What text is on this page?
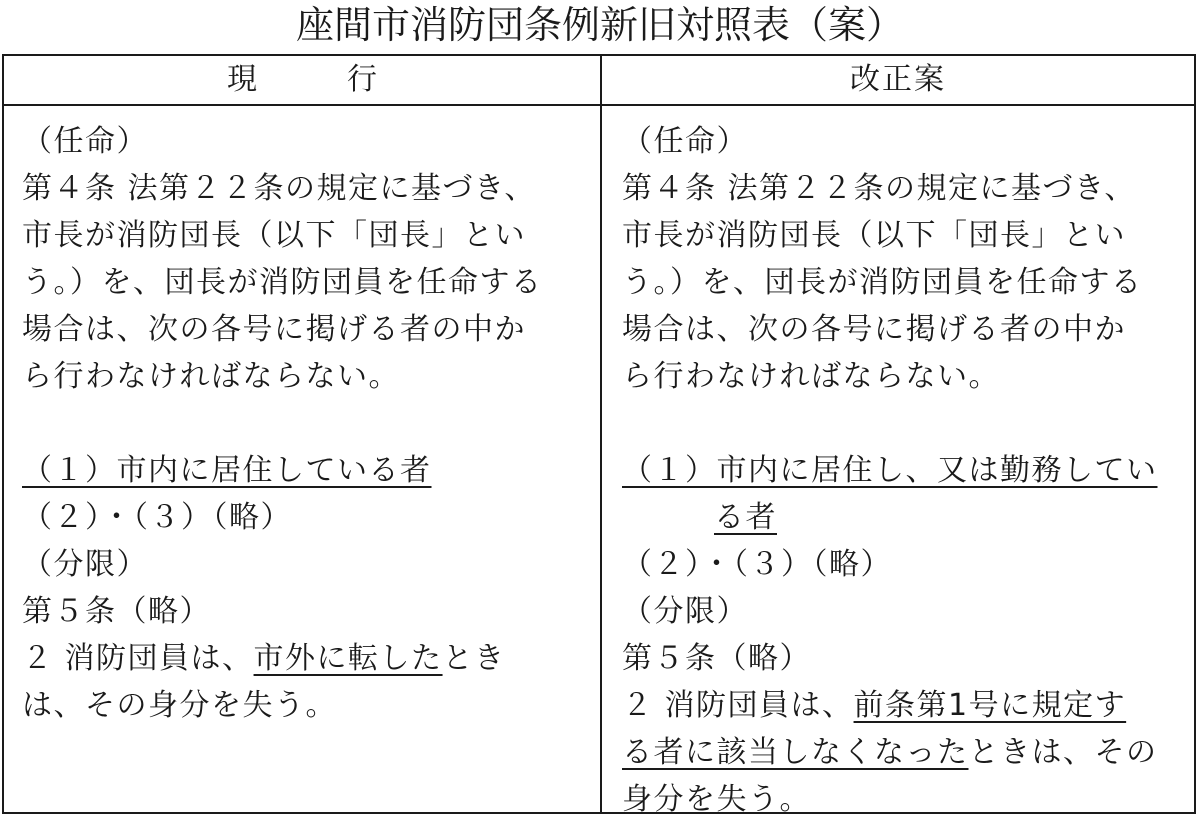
座間市消防団条例新旧対照表（案）
現　行	改正案
（任命）
第４条 法第２２条の規定に基づき、
市長が消防団長（以下「団長」とい
う。）を、団長が消防団員を任命する
場合は、次の各号に掲げる者の中か
ら行わなければならない。
（１）市内に居住している者
（２）・（３）（略）
（分限）
第５条（略）
２ 消防団員は、市外に転したとき
は、その身分を失う。
（任命）
第４条 法第２２条の規定に基づき、
市長が消防団長（以下「団長」とい
う。）を、団長が消防団員を任命する
場合は、次の各号に掲げる者の中か
ら行わなければならない。
（１）市内に居住し、又は勤務してい
る者
（２）・（３）（略）
（分限）
第５条（略）
２ 消防団員は、前条第1号に規定す
る者に該当しなくなったときは、その
身分を失う。
